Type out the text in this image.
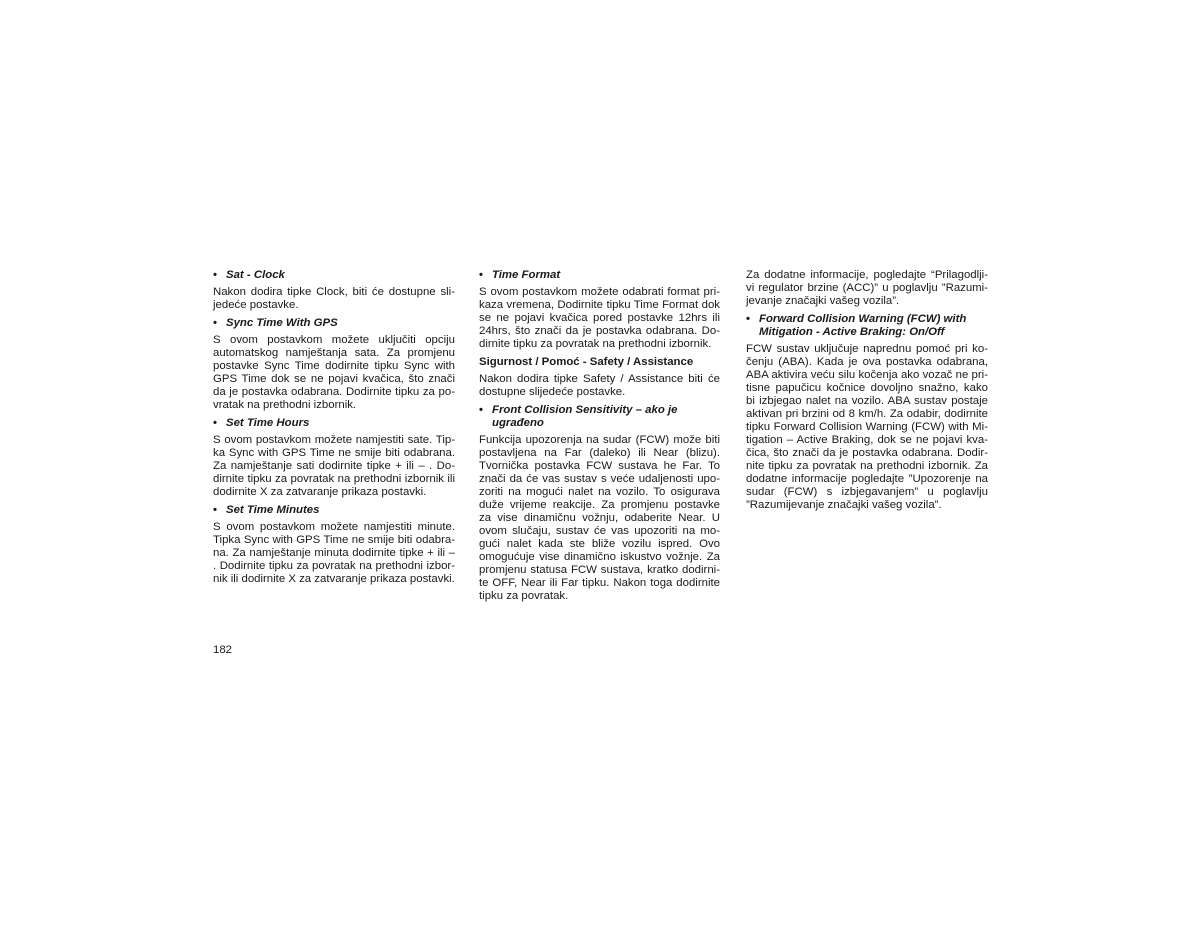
• Sat - Clock
Nakon dodira tipke Clock, biti će dostupne sli-jedeće postavke.
• Sync Time With GPS
S ovom postavkom možete uključiti opciju automatskog namještanja sata. Za promjenu postavke Sync Time dodirnite tipku Sync with GPS Time dok se ne pojavi kvačica, što znači da je postavka odabrana. Dodirnite tipku za po-vratak na prethodni izbornik.
• Set Time Hours
S ovom postavkom možete namjestiti sate. Tip-ka Sync with GPS Time ne smije biti odabrana. Za namještanje sati dodirnite tipke + ili – . Do-dirnite tipku za povratak na prethodni izbornik ili dodirnite X za zatvaranje prikaza postavki.
• Set Time Minutes
S ovom postavkom možete namjestiti minute. Tipka Sync with GPS Time ne smije biti odabra-na. Za namještanje minuta dodirnite tipke + ili – . Dodirnite tipku za povratak na prethodni izbor-nik ili dodirnite X za zatvaranje prikaza postavki.
• Time Format
S ovom postavkom možete odabrati format pri-kaza vremena, Dodirnite tipku Time Format dok se ne pojavi kvačica pored postavke 12hrs ili 24hrs, što znači da je postavka odabrana. Do-dirnite tipku za povratak na prethodni izbornik.
Sigurnost / Pomoć - Safety / Assistance
Nakon dodira tipke Safety / Assistance biti će dostupne slijedeće postavke.
• Front Collision Sensitivity – ako je ugrađeno
Funkcija upozorenja na sudar (FCW) može biti postavljena na Far (daleko) ili Near (blizu). Tvornička postavka FCW sustava he Far. To znači da će vas sustav s veće udaljenosti upo-zoriti na mogući nalet na vozilo. To osigurava duže vrijeme reakcije. Za promjenu postavke za vise dinamičnu vožnju, odaberite Near. U ovom slučaju, sustav će vas upozoriti na mo-gući nalet kada ste bliže vozilu ispred. Ovo omogućuje vise dinamično iskustvo vožnje. Za promjenu statusa FCW sustava, kratko dodirni-te OFF, Near ili Far tipku. Nakon toga dodirnite tipku za povratak.
Za dodatne informacije, pogledajte “Prilagodlji-vi regulator brzine (ACC)” u poglavlju ”Razumi-jevanje značajki vašeg vozila”.
• Forward Collision Warning (FCW) with Mitigation - Active Braking: On/Off
FCW sustav uključuje naprednu pomoć pri ko-čenju (ABA). Kada je ova postavka odabrana, ABA aktivira veću silu kočenja ako vozač ne pri-tisne papučicu kočnice dovoljno snažno, kako bi izbjegao nalet na vozilo. ABA sustav postaje aktivan pri brzini od 8 km/h. Za odabir, dodirnite tipku Forward Collision Warning (FCW) with Mi-tigation – Active Braking, dok se ne pojavi kva-čica, što znači da je postavka odabrana. Dodir-nite tipku za povratak na prethodni izbornik. Za dodatne informacije pogledajte ”Upozorenje na sudar (FCW) s izbjegavanjem” u poglavlju ”Razumijevanje značajki vašeg vozila”.
182
